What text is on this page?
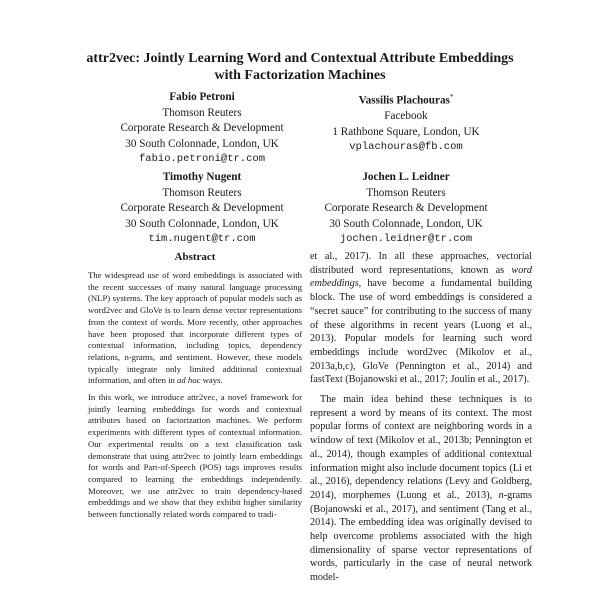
attr2vec: Jointly Learning Word and Contextual Attribute Embeddings
with Factorization Machines
Fabio Petroni
Thomson Reuters
Corporate Research & Development
30 South Colonnade, London, UK
fabio.petroni@tr.com
Vassilis Plachouras*
Facebook
1 Rathbone Square, London, UK
vplachouras@fb.com
Timothy Nugent
Thomson Reuters
Corporate Research & Development
30 South Colonnade, London, UK
tim.nugent@tr.com
Jochen L. Leidner
Thomson Reuters
Corporate Research & Development
30 South Colonnade, London, UK
jochen.leidner@tr.com
Abstract

The widespread use of word embeddings is associated with the recent successes of many natural language processing (NLP) systems. The key approach of popular models such as word2vec and GloVe is to learn dense vector representations from the context of words. More recently, other approaches have been proposed that incorporate different types of contextual information, including topics, dependency relations, n-grams, and sentiment. However, these models typically integrate only limited additional contextual information, and often in ad hoc ways.

In this work, we introduce attr2vec, a novel framework for jointly learning embeddings for words and contextual attributes based on factorization machines. We perform experiments with different types of contextual information. Our experimental results on a text classification task demonstrate that using attr2vec to jointly learn embeddings for words and Part-of-Speech (POS) tags improves results compared to learning the embeddings independently. Moreover, we use attr2vec to train dependency-based embeddings and we show that they exhibit higher similarity between functionally related words compared to tradi-

et al., 2017). In all these approaches, vectorial distributed word representations, known as word embeddings, have become a fundamental building block. The use of word embeddings is considered a “secret sauce” for contributing to the success of many of these algorithms in recent years (Luong et al., 2013). Popular models for learning such word embeddings include word2vec (Mikolov et al., 2013a,b,c), GloVe (Pennington et al., 2014) and fastText (Bojanowski et al., 2017; Joulin et al., 2017).

The main idea behind these techniques is to represent a word by means of its context. The most popular forms of context are neighboring words in a window of text (Mikolov et al., 2013b; Pennington et al., 2014), though examples of additional contextual information might also include document topics (Li et al., 2016), dependency relations (Levy and Goldberg, 2014), morphemes (Luong et al., 2013), n-grams (Bojanowski et al., 2017), and sentiment (Tang et al., 2014). The embedding idea was originally devised to help overcome problems associated with the high dimensionality of sparse vector representations of words, particularly in the case of neural network model-
